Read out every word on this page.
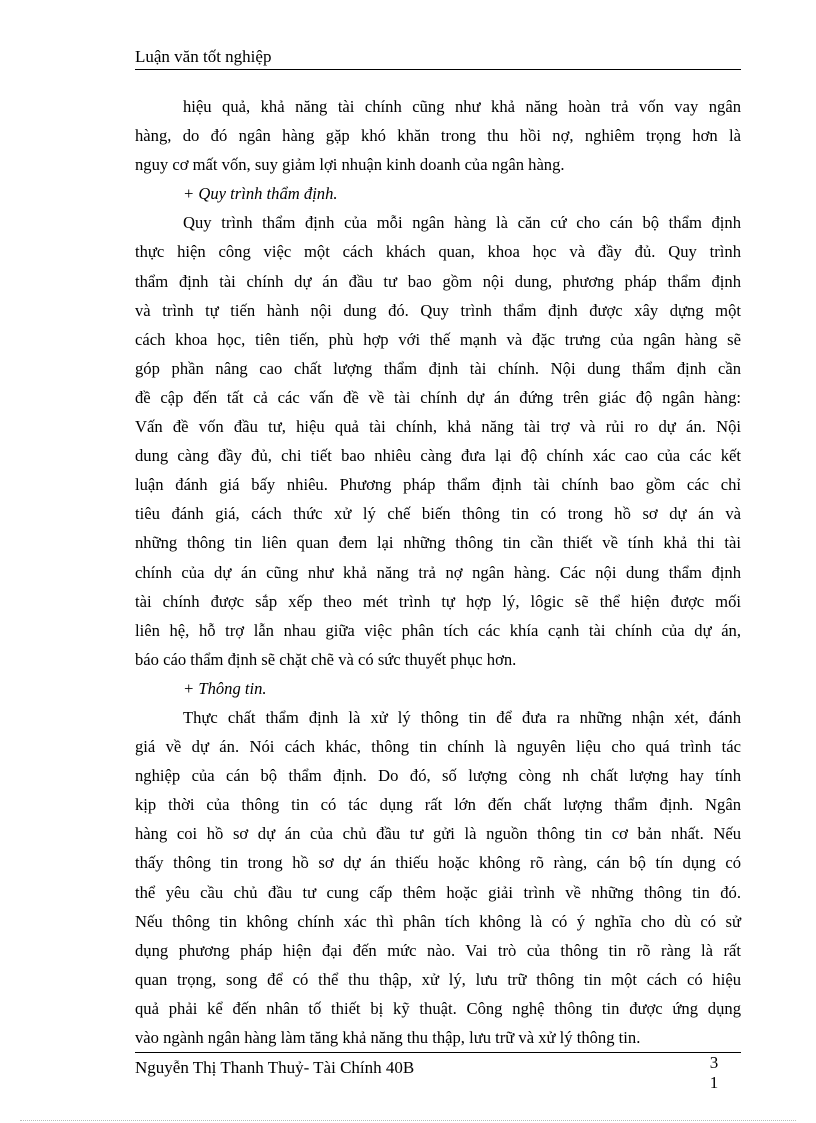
Luận văn tốt nghiệp
hiệu quả, khả năng tài chính cũng như khả năng hoàn trả vốn vay ngân
hàng, do đó ngân hàng gặp khó khăn trong thu hồi nợ, nghiêm trọng hơn là
nguy cơ mất vốn, suy giảm lợi nhuận kinh doanh của ngân hàng.
+ Quy trình thẩm định.
Quy trình thẩm định của mỗi ngân hàng là căn cứ cho cán bộ thẩm định
thực hiện công việc một cách khách quan, khoa học và đầy đủ. Quy trình
thẩm định tài chính dự án đầu tư bao gồm nội dung, phương pháp thẩm định
và trình tự tiến hành nội dung đó. Quy trình thẩm định được xây dựng một
cách khoa học, tiên tiến, phù hợp với thế mạnh và đặc trưng của ngân hàng sẽ
góp phần nâng cao chất lượng thẩm định tài chính. Nội dung thẩm định cần
đề cập đến tất cả các vấn đề về tài chính dự án đứng trên giác độ ngân hàng:
Vấn đề vốn đầu tư, hiệu quả tài chính, khả năng tài trợ và rủi ro dự án. Nội
dung càng đầy đủ, chi tiết bao nhiêu càng đưa lại độ chính xác cao của các kết
luận đánh giá bấy nhiêu. Phương pháp thẩm định tài chính bao gồm các chỉ
tiêu đánh giá, cách thức xử lý chế biến thông tin có trong hồ sơ dự án và
những thông tin liên quan đem lại những thông tin cần thiết về tính khả thi tài
chính của dự án cũng như khả năng trả nợ ngân hàng. Các nội dung thẩm định
tài chính được sắp xếp theo mét trình tự hợp lý, lôgic sẽ thể hiện được mối
liên hệ, hỗ trợ lẫn nhau giữa việc phân tích các khía cạnh tài chính của dự án,
báo cáo thẩm định sẽ chặt chẽ và có sức thuyết phục hơn.
+ Thông tin.
Thực chất thẩm định là xử lý thông tin để đưa ra những nhận xét, đánh
giá về dự án. Nói cách khác, thông tin chính là nguyên liệu cho quá trình tác
nghiệp của cán bộ thẩm định. Do đó, số lượng còng nh chất lượng hay tính
kịp thời của thông tin có tác dụng rất lớn đến chất lượng thẩm định. Ngân
hàng coi hồ sơ dự án của chủ đầu tư gửi là nguồn thông tin cơ bản nhất. Nếu
thấy thông tin trong hồ sơ dự án thiếu hoặc không rõ ràng, cán bộ tín dụng có
thể yêu cầu chủ đầu tư cung cấp thêm hoặc giải trình về những thông tin đó.
Nếu thông tin không chính xác thì phân tích không là có ý nghĩa cho dù có sử
dụng phương pháp hiện đại đến mức nào. Vai trò của thông tin rõ ràng là rất
quan trọng, song để có thể thu thập, xử lý, lưu trữ thông tin một cách có hiệu
quả phải kể đến nhân tố thiết bị kỹ thuật. Công nghệ thông tin được ứng dụng
vào ngành ngân hàng làm tăng khả năng thu thập, lưu trữ và xử lý thông tin.
Nguyễn Thị Thanh Thuỷ- Tài Chính 40B	3
1
